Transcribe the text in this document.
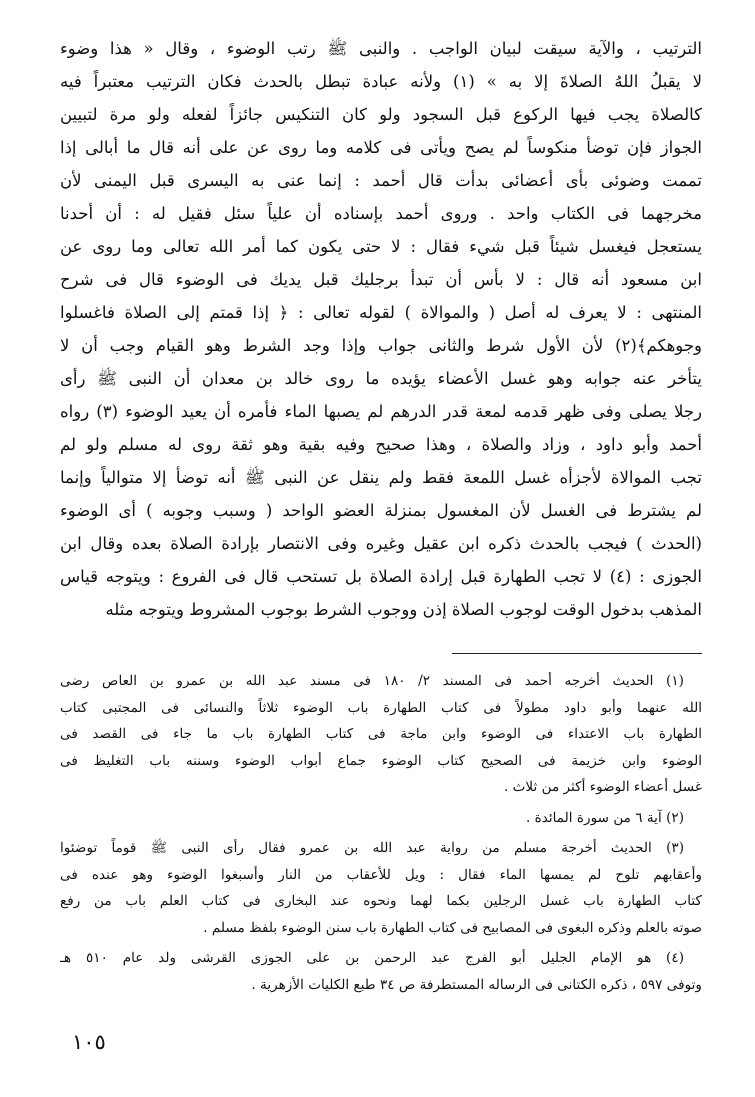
الترتيب ، والآية سيقت لبيان الواجب . والنبى ﷺ رتب الوضوء ، وقال « هذا وضوء
لا يقبلُ اللهُ الصلاةَ إلا به » (١) ولأنه عبادة تبطل بالحدث فكان الترتيب معتبراً فيه
كالصلاة يجب فيها الركوع قبل السجود ولو كان التنكيس جائزاً لفعله ولو مرة لتبيين
الجواز فإن توضأ منكوساً لم يصح ويأتى فى كلامه وما روى عن على أنه قال ما أبالى إذا
تممت وضوئى بأى أعضائى بدأت قال أحمد : إنما عنى به اليسرى قبل اليمنى لأن
مخرجهما فى الكتاب واحد . وروى أحمد بإسناده أن علياً سئل فقيل له : أن أحدنا
يستعجل فيغسل شيئاً قبل شيء فقال : لا حتى يكون كما أمر الله تعالى وما روى عن
ابن مسعود أنه قال : لا بأس أن تبدأ برجليك قبل يديك فى الوضوء قال فى شرح
المنتهى : لا يعرف له أصل ( والموالاة ) لقوله تعالى : ﴿ إذا قمتم إلى الصلاة فاغسلوا
وجوهكم﴾(٢) لأن الأول شرط والثانى جواب وإذا وجد الشرط وهو القيام وجب أن لا
يتأخر عنه جوابه وهو غسل الأعضاء يؤيده ما روى خالد بن معدان أن النبى ﷺ رأى
رجلا يصلى وفى ظهر قدمه لمعة قدر الدرهم لم يصبها الماء فأمره أن يعيد الوضوء (٣) رواه
أحمد وأبو داود ، وزاد والصلاة ، وهذا صحيح وفيه بقية وهو ثقة روى له مسلم ولو لم
تجب الموالاة لأجزأه غسل اللمعة فقط ولم ينقل عن النبى ﷺ أنه توضأ إلا متوالياً وإنما
لم يشترط فى الغسل لأن المغسول بمنزلة العضو الواحد ( وسبب وجوبه ) أى الوضوء
(الحدث ) فيجب بالحدث ذكره ابن عقيل وغيره وفى الانتصار بإرادة الصلاة بعده وقال ابن
الجوزى : (٤) لا تجب الطهارة قبل إرادة الصلاة بل تستحب قال فى الفروع : ويتوجه قياس
المذهب بدخول الوقت لوجوب الصلاة إذن ووجوب الشرط بوجوب المشروط ويتوجه مثله
(١) الحديث أخرجه أحمد فى المسند ٢/ ١٨٠ فى مسند عبد الله بن عمرو بن العاص رضى
الله عنهما وأبو داود مطولاً فى كتاب الطهارة باب الوضوء ثلاثاً والنسائى فى المجتبى كتاب
الطهارة باب الاعتداء فى الوضوء وابن ماجة فى كتاب الطهارة باب ما جاء فى القصد فى
الوضوء وابن خزيمة فى الصحيح كتاب الوضوء جماع أبواب الوضوء وسننه باب التغليظ فى
غسل أعضاء الوضوء أكثر من ثلاث .
(٢) آية ٦ من سورة المائدة .
(٣) الحديث أخرجة مسلم من رواية عبد الله بن عمرو فقال رأى النبى ﷺ قوماً توضئوا
وأعقابهم تلوح لم يمسها الماء فقال : ويل للأعقاب من النار وأسبغوا الوضوء وهو عنده فى
كتاب الطهارة باب غسل الرجلين بكما لهما ونحوه عند البخارى فى كتاب العلم باب من رفع
صوته بالعلم وذكره البغوى فى المصابيح فى كتاب الطهارة باب سنن الوضوء بلفظ مسلم .
(٤) هو الإمام الجليل أبو الفرج عبد الرحمن بن على الجوزى القرشى ولد عام ٥١٠ هـ
وتوفى ٥٩٧ ، ذكره الكتانى فى الرساله المستطرفة ص ٣٤ طبع الكليات الأزهرية .
١٠٥
